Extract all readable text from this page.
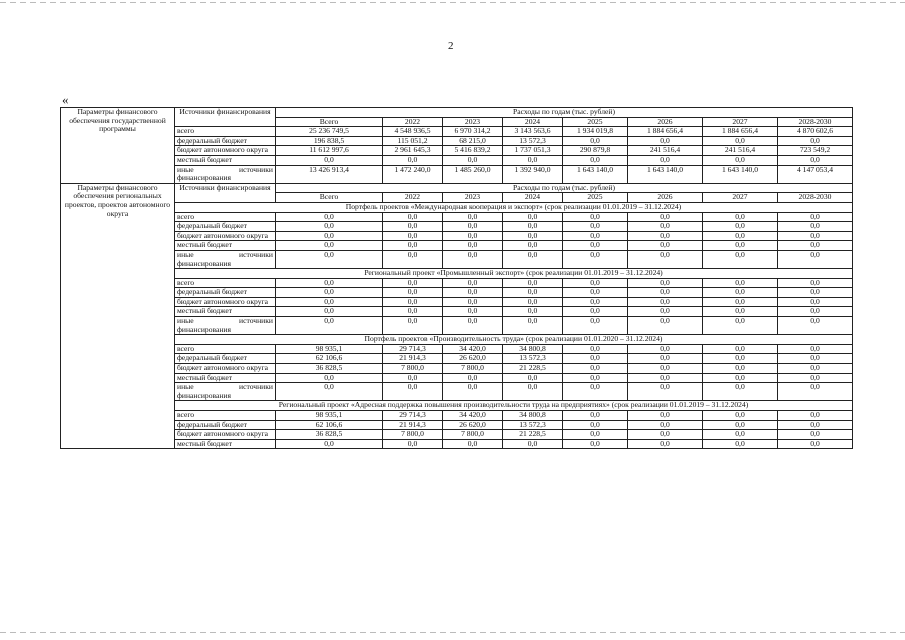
2
«
Параметры финансового обеспечения государственной программы	Источники финансирования	Расходы по годам (тыс. рублей)							
		Всего	2022	2023	2024	2025	2026	2027	2028-2030
	всего	25 236 749,5	4 548 936,5	6 970 314,2	3 143 563,6	1 934 019,8	1 884 656,4	1 884 656,4	4 870 602,6
	федеральный бюджет	196 838,5	115 051,2	68 215,0	13 572,3	0,0	0,0	0,0	0,0
	бюджет автономного округа	11 612 997,6	2 961 645,3	5 416 839,2	1 737 051,3	290 879,8	241 516,4	241 516,4	723 549,2
	местный бюджет	0,0	0,0	0,0	0,0	0,0	0,0	0,0	0,0
	иные источники финансирования	13 426 913,4	1 472 240,0	1 485 260,0	1 392 940,0	1 643 140,0	1 643 140,0	1 643 140,0	4 147 053,4
Параметры финансового обеспечения региональных проектов, проектов автономного округа	Источники финансирования	Расходы по годам (тыс. рублей)							
		Всего	2022	2023	2024	2025	2026	2027	2028-2030
	Портфель проектов «Международная кооперация и экспорт» (срок реализации 01.01.2019 – 31.12.2024)								
	всего	0,0	0,0	0,0	0,0	0,0	0,0	0,0	0,0
	федеральный бюджет	0,0	0,0	0,0	0,0	0,0	0,0	0,0	0,0
	бюджет автономного округа	0,0	0,0	0,0	0,0	0,0	0,0	0,0	0,0
	местный бюджет	0,0	0,0	0,0	0,0	0,0	0,0	0,0	0,0
	иные источники финансирования	0,0	0,0	0,0	0,0	0,0	0,0	0,0	0,0
	Региональный проект «Промышленный экспорт» (срок реализации 01.01.2019 – 31.12.2024)								
	всего	0,0	0,0	0,0	0,0	0,0	0,0	0,0	0,0
	федеральный бюджет	0,0	0,0	0,0	0,0	0,0	0,0	0,0	0,0
	бюджет автономного округа	0,0	0,0	0,0	0,0	0,0	0,0	0,0	0,0
	местный бюджет	0,0	0,0	0,0	0,0	0,0	0,0	0,0	0,0
	иные источники финансирования	0,0	0,0	0,0	0,0	0,0	0,0	0,0	0,0
	Портфель проектов «Производительность труда» (срок реализации 01.01.2020 – 31.12.2024)								
	всего	98 935,1	29 714,3	34 420,0	34 800,8	0,0	0,0	0,0	0,0
	федеральный бюджет	62 106,6	21 914,3	26 620,0	13 572,3	0,0	0,0	0,0	0,0
	бюджет автономного округа	36 828,5	7 800,0	7 800,0	21 228,5	0,0	0,0	0,0	0,0
	местный бюджет	0,0	0,0	0,0	0,0	0,0	0,0	0,0	0,0
	иные источники финансирования	0,0	0,0	0,0	0,0	0,0	0,0	0,0	0,0
	Региональный проект «Адресная поддержка повышения производительности труда на предприятиях» (срок реализации 01.01.2019 – 31.12.2024)								
	всего	98 935,1	29 714,3	34 420,0	34 800,8	0,0	0,0	0,0	0,0
	федеральный бюджет	62 106,6	21 914,3	26 620,0	13 572,3	0,0	0,0	0,0	0,0
	бюджет автономного округа	36 828,5	7 800,0	7 800,0	21 228,5	0,0	0,0	0,0	0,0
	местный бюджет	0,0	0,0	0,0	0,0	0,0	0,0	0,0	0,0
